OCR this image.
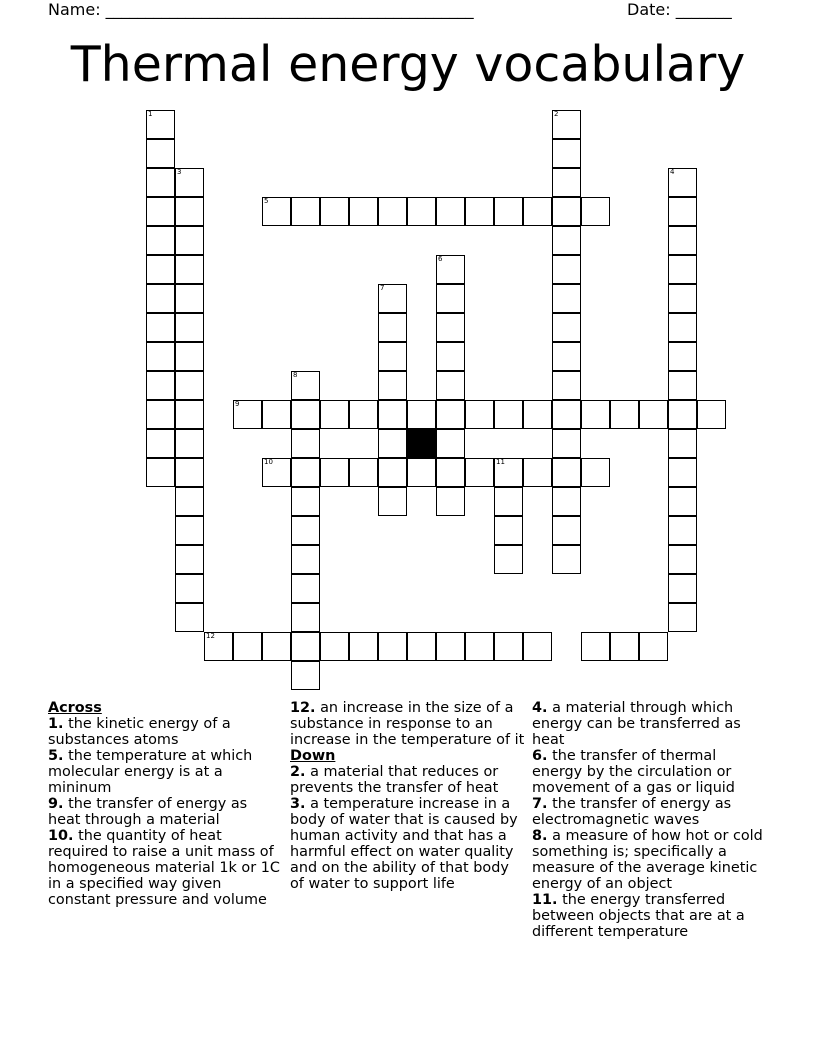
Name: ______________________________________________	Date: _______
Thermal energy vocabulary
1	2
3	4
5
6
7
8
9
10	11
12

Across

1. the kinetic energy of a substances atoms

5. the temperature at which molecular energy is at a mininum

9. the transfer of energy as heat through a material

10. the quantity of heat required to raise a unit mass of homogeneous material 1k or 1C in a specified way given constant pressure and volume

12. an increase in the size of a substance in response to an increase in the temperature of it

Down

2. a material that reduces or prevents the transfer of heat

3. a temperature increase in a body of water that is caused by human activity and that has a harmful effect on water quality and on the ability of that body of water to support life

4. a material through which energy can be transferred as heat

6. the transfer of thermal energy by the circulation or movement of a gas or liquid

7. the transfer of energy as electromagnetic waves

8. a measure of how hot or cold something is; specifically a measure of the average kinetic energy of an object

11. the energy transferred between objects that are at a different temperature
